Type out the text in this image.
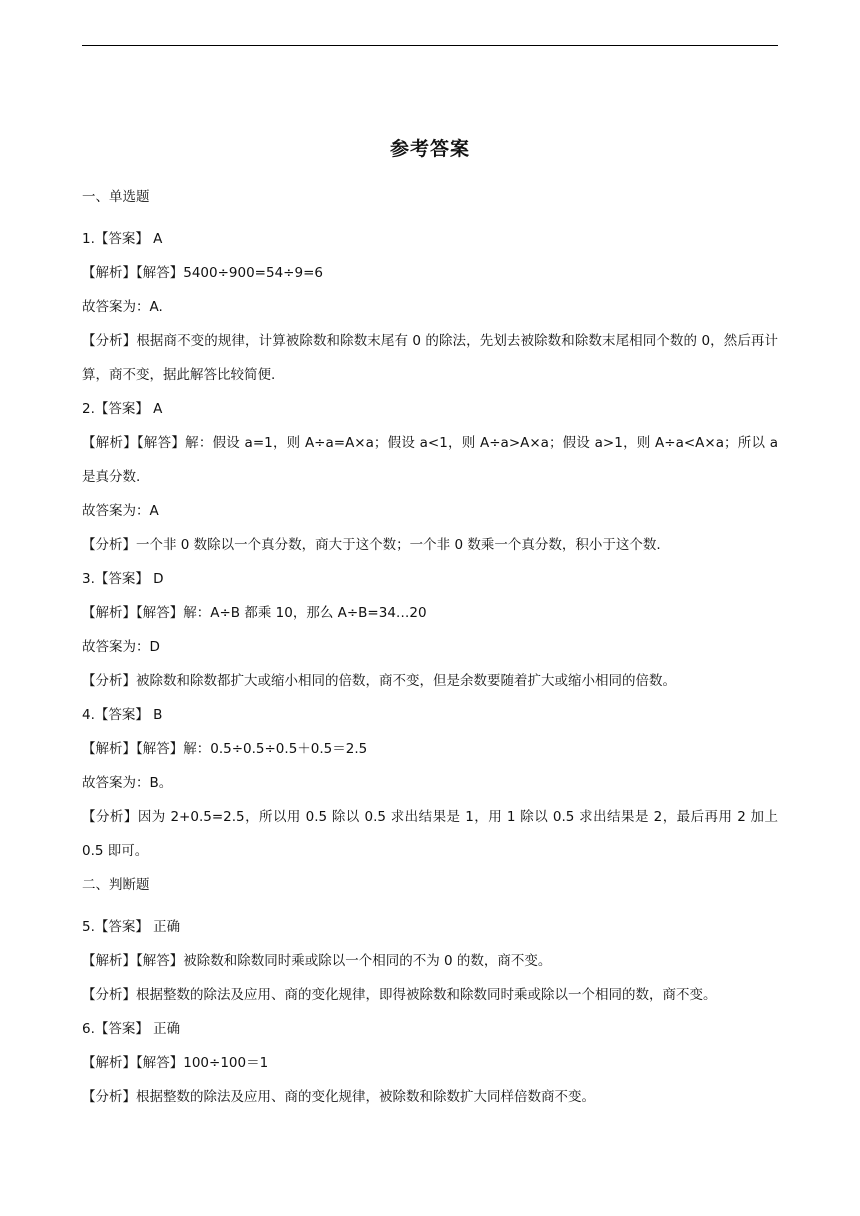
参考答案
一、单选题
1.【答案】 A
【解析】【解答】5400÷900=54÷9=6
故答案为：A.
【分析】根据商不变的规律，计算被除数和除数末尾有 0 的除法，先划去被除数和除数末尾相同个数的 0，然后再计算，商不变，据此解答比较简便.
2.【答案】 A
【解析】【解答】解：假设 a=1，则 A÷a=A×a；假设 a<1，则 A÷a>A×a；假设 a>1，则 A÷a<A×a；所以 a 是真分数.
故答案为：A
【分析】一个非 0 数除以一个真分数，商大于这个数；一个非 0 数乘一个真分数，积小于这个数.
3.【答案】 D
【解析】【解答】解：A÷B 都乘 10，那么 A÷B=34…20
故答案为：D
【分析】被除数和除数都扩大或缩小相同的倍数，商不变，但是余数要随着扩大或缩小相同的倍数。
4.【答案】 B
【解析】【解答】解：0.5÷0.5÷0.5＋0.5＝2.5
故答案为：B。
【分析】因为 2+0.5=2.5，所以用 0.5 除以 0.5 求出结果是 1，用 1 除以 0.5 求出结果是 2，最后再用 2 加上 0.5 即可。
二、判断题
5.【答案】 正确
【解析】【解答】被除数和除数同时乘或除以一个相同的不为 0 的数，商不变。
【分析】根据整数的除法及应用、商的变化规律，即得被除数和除数同时乘或除以一个相同的数，商不变。
6.【答案】 正确
【解析】【解答】100÷100＝1
【分析】根据整数的除法及应用、商的变化规律，被除数和除数扩大同样倍数商不变。
